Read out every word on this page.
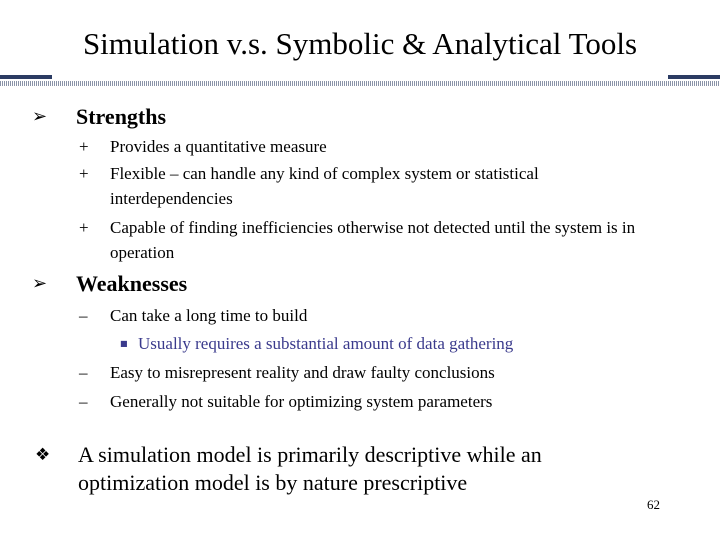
Simulation v.s. Symbolic & Analytical Tools
➢	Strengths
+	Provides a quantitative measure
+	Flexible – can handle any kind of complex system or statistical interdependencies
+	Capable of finding inefficiencies otherwise not detected until the system is in operation
➢	Weaknesses
–	Can take a long time to build
■ Usually requires a substantial amount of data gathering
–	Easy to misrepresent reality and draw faulty conclusions
–	Generally not suitable for optimizing system parameters
❖	A simulation model is primarily descriptive while an optimization model is by nature prescriptive
62
